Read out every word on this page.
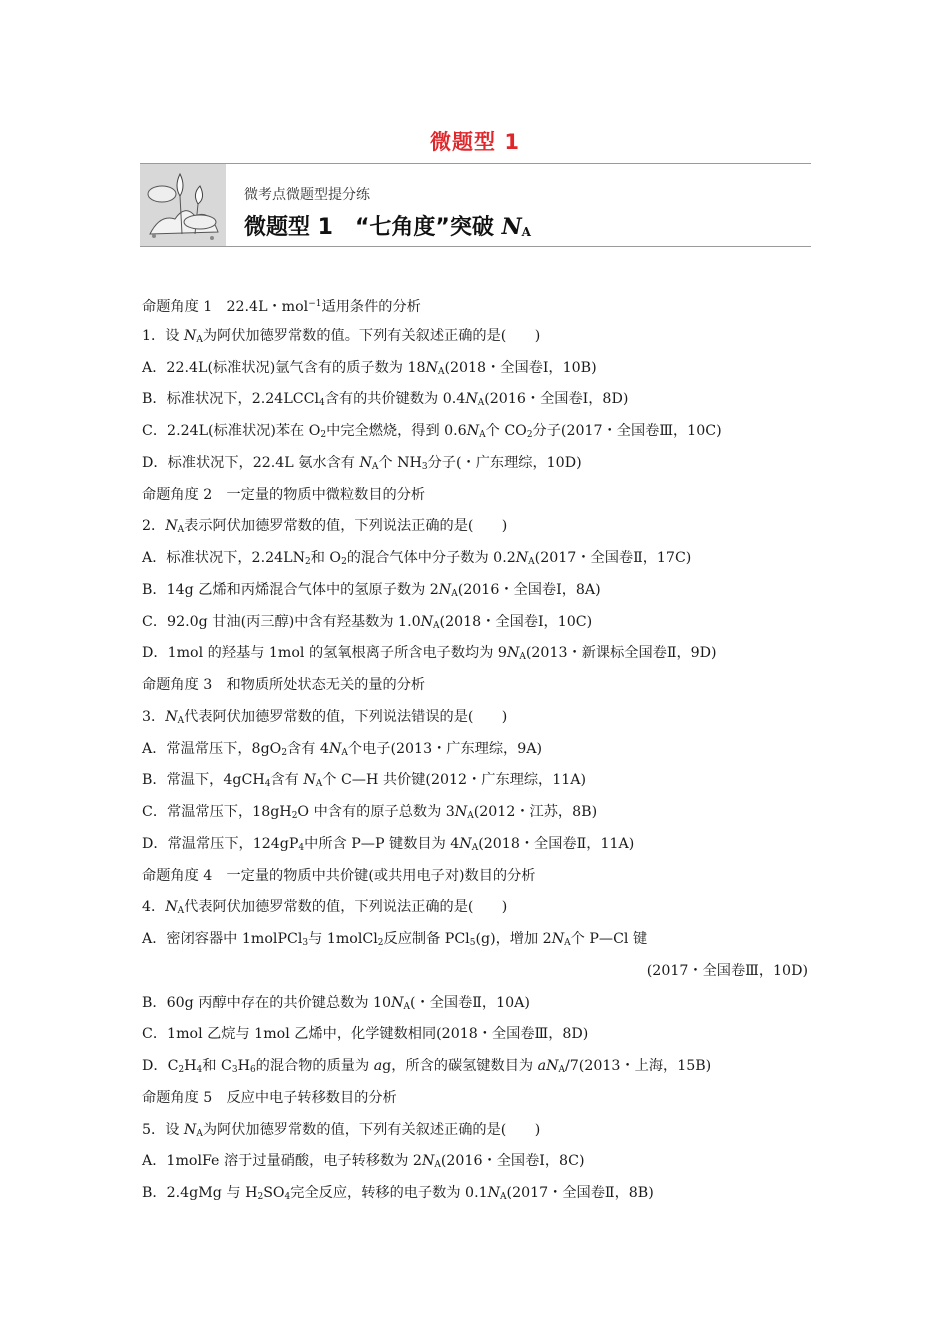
微题型 1
微考点微题型提分练
微题型 1 “七角度”突破 $N_A$
命题角度 1　22.4L・mol$^{-1}$适用条件的分析
1．设 $N_A$为阿伏加德罗常数的值。下列有关叙述正确的是(　　)
A．22.4L(标准状况)氩气含有的质子数为 $18N_A(2018$・全国卷Ⅰ，10B)
B．标准状况下，2.24LCCl$_4$含有的共价键数为 $0.4N_A(2016$・全国卷Ⅰ，8D)
C．2.24L(标准状况)苯在 $O_2$中完全燃烧，得到 $0.6N_A$个 $CO_2$分子(2017・全国卷Ⅲ，10C)
D．标准状况下，22.4L 氨水含有 $N_A$个 $NH_3$分子(・广东理综，10D)
命题角度 2　一定量的物质中微粒数目的分析
2．$N_A$表示阿伏加德罗常数的值，下列说法正确的是(　　)
A．标准状况下，$2.24LN_2$和 $O_2$的混合气体中分子数为 $0.2N_A(2017$・全国卷Ⅱ，17C)
B．14g 乙烯和丙烯混合气体中的氢原子数为 $2N_A(2016$・全国卷Ⅰ，8A)
C．92.0g 甘油(丙三醇)中含有羟基数为 $1.0N_A(2018$・全国卷Ⅰ，10C)
D．1mol 的羟基与 1mol 的氢氧根离子所含电子数均为 $9N_A(2013$・新课标全国卷Ⅱ，9D)
命题角度 3　和物质所处状态无关的量的分析
3．$N_A$代表阿伏加德罗常数的值，下列说法错误的是(　　)
A．常温常压下，$8gO_2$含有 $4N_A$个电子(2013・广东理综，9A)
B．常温下，4gCH$_4$含有 $N_A$个 C—H 共价键(2012・广东理综，11A)
C．常温常压下，$18gH_2O$ 中含有的原子总数为 $3N_A(2012$・江苏，8B)
D．常温常压下，$124gP_4$中所含 P—P 键数目为 $4N_A(2018$・全国卷Ⅱ，11A)
命题角度 4　一定量的物质中共价键(或共用电子对)数目的分析
4．$N_A$代表阿伏加德罗常数的值，下列说法正确的是(　　)
A．密闭容器中 1molPCl$_3$与 1molCl$_2$反应制备 PCl$_5$(g)，增加 $2N_A$个 P—Cl 键
(2017・全国卷Ⅲ，10D)
B．60g 丙醇中存在的共价键总数为 $10N_A$(・全国卷Ⅱ，10A)
C．1mol 乙烷与 1mol 乙烯中，化学键数相同(2018・全国卷Ⅲ，8D)
D．$C_2H_4$和 $C_3H_6$的混合物的质量为 ag，所含的碳氢键数目为 $aN_A/7(2013$・上海，15B)
命题角度 5　反应中电子转移数目的分析
5．设 $N_A$为阿伏加德罗常数的值，下列有关叙述正确的是(　　)
A．1molFe 溶于过量硝酸，电子转移数为 $2N_A(2016$・全国卷Ⅰ，8C)
B．2.4gMg 与 $H_2SO_4$完全反应，转移的电子数为 $0.1N_A(2017$・全国卷Ⅱ，8B)
